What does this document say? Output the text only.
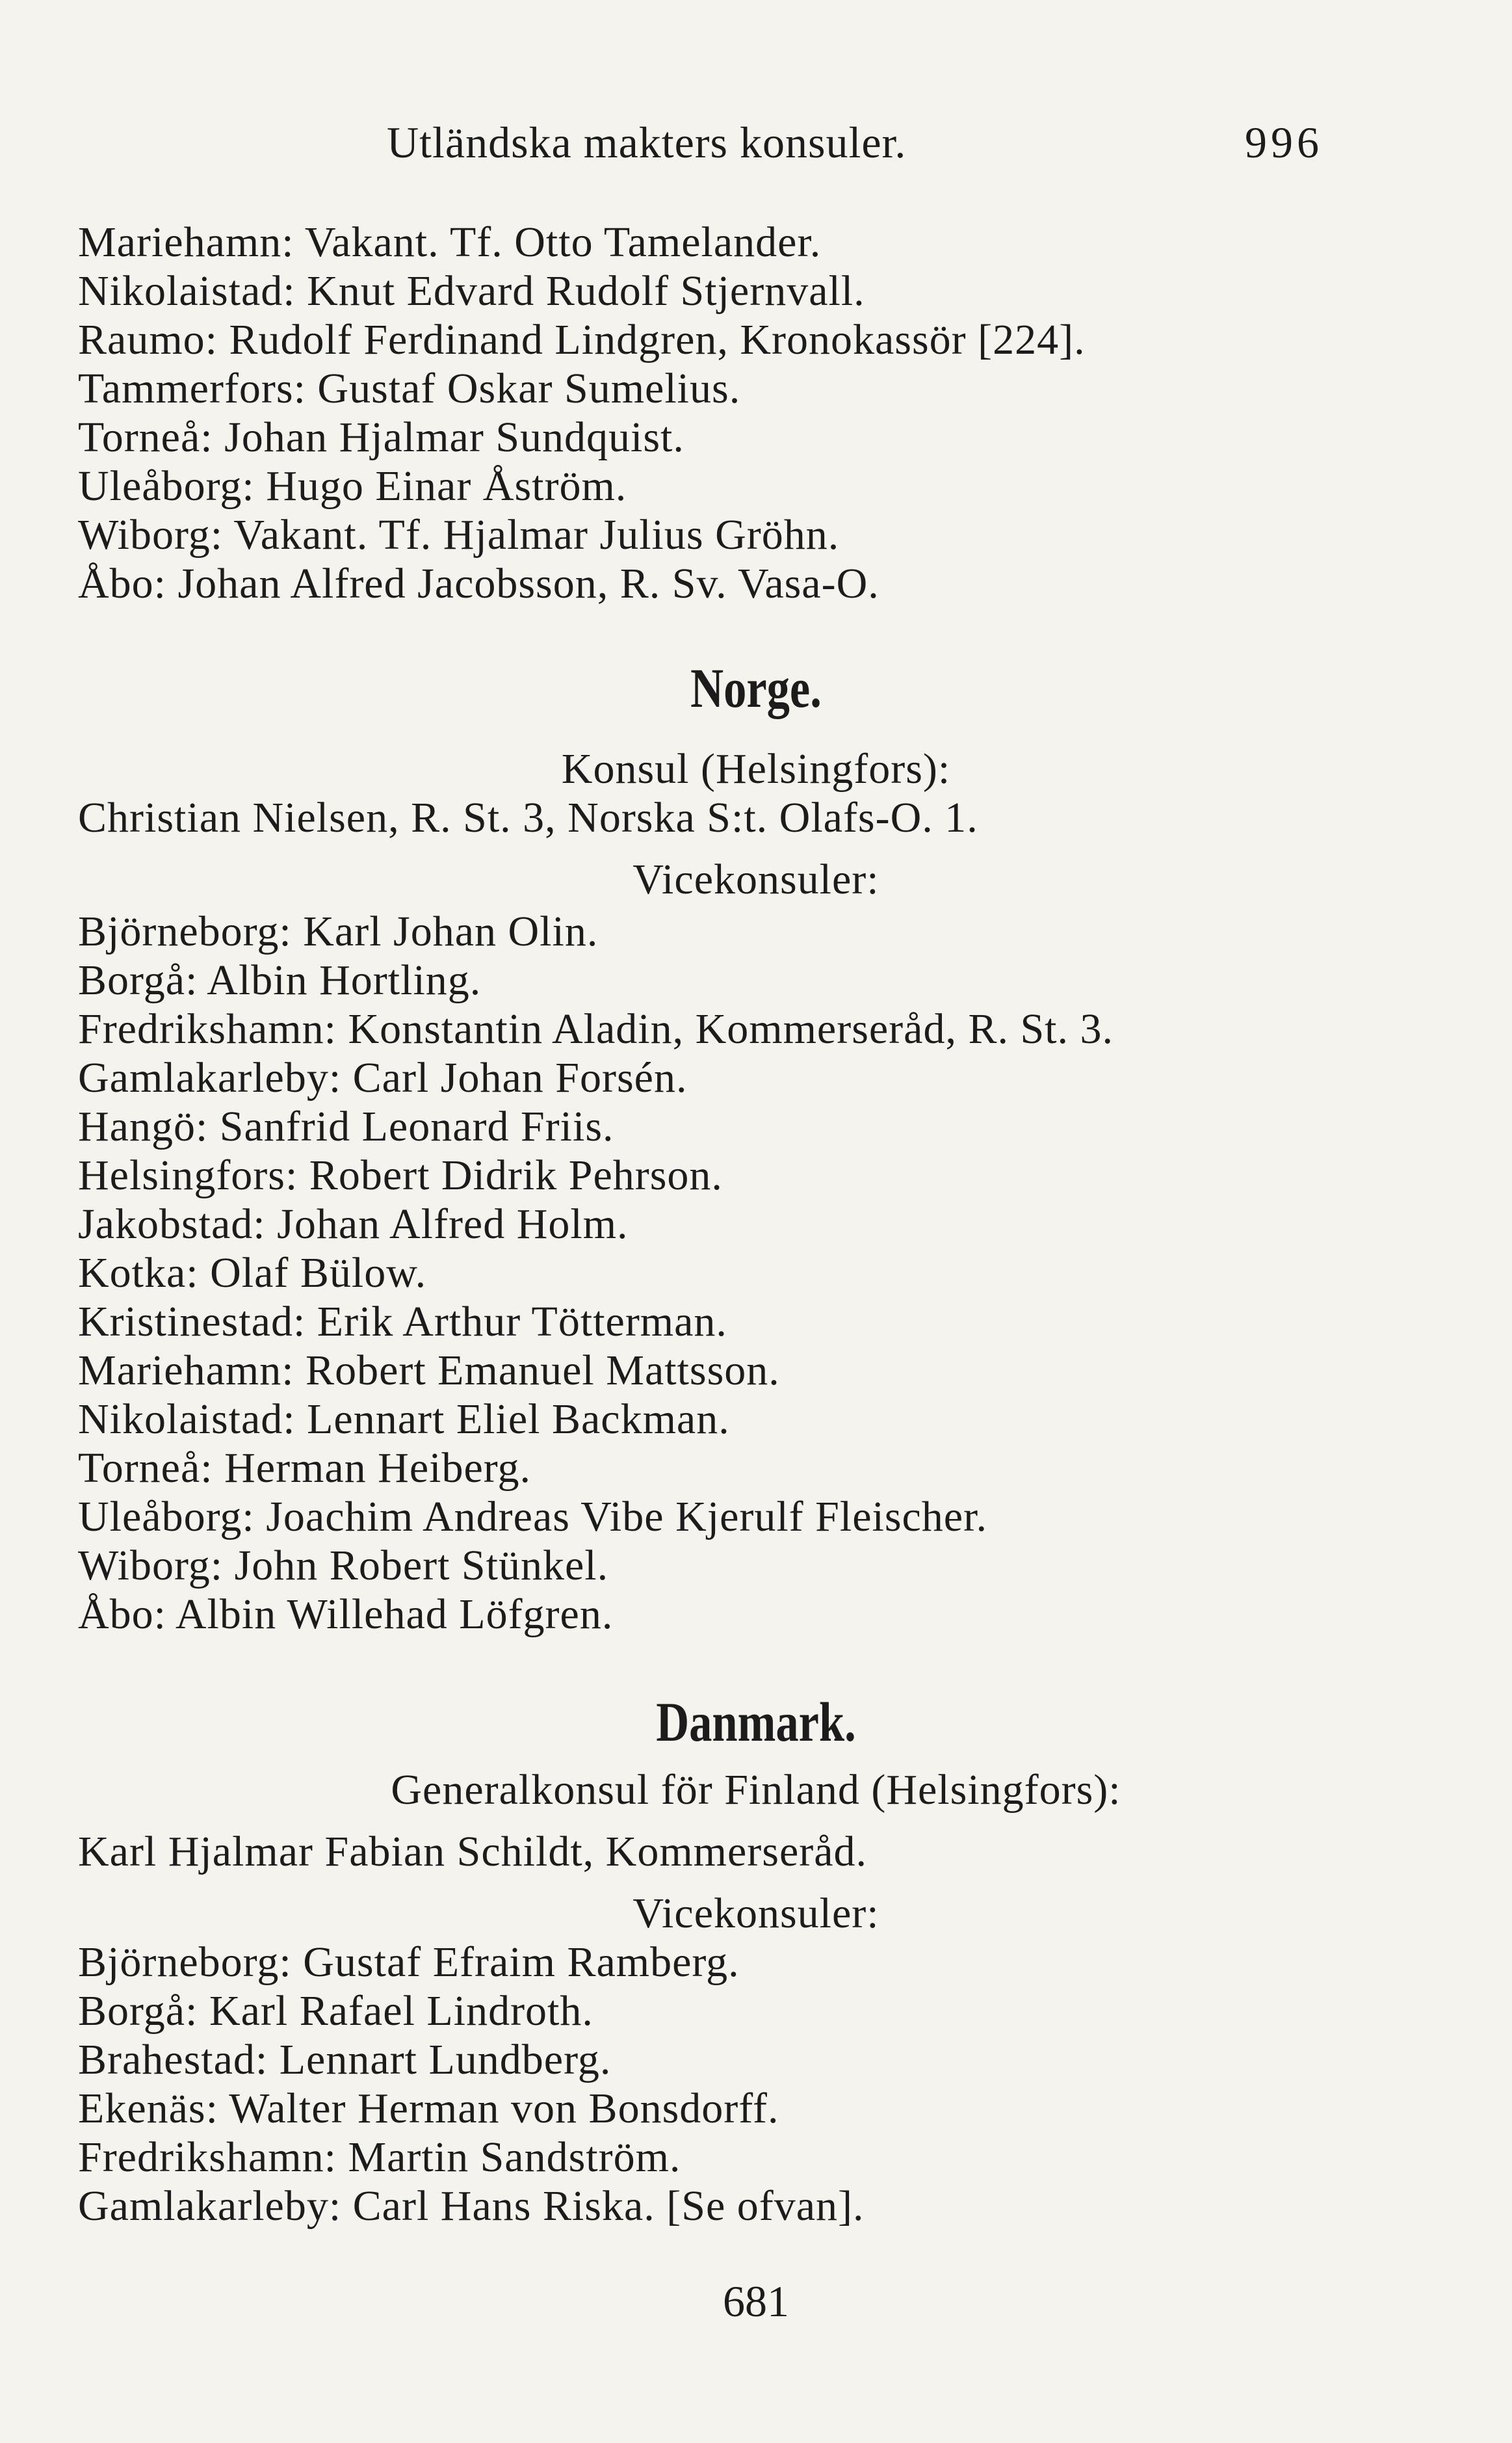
Utländska makters konsuler.	996
Mariehamn: Vakant. Tf. Otto Tamelander.
Nikolaistad: Knut Edvard Rudolf Stjernvall.
Raumo: Rudolf Ferdinand Lindgren, Kronokassör [224].
Tammerfors: Gustaf Oskar Sumelius.
Torneå: Johan Hjalmar Sundquist.
Uleåborg: Hugo Einar Åström.
Wiborg: Vakant. Tf. Hjalmar Julius Gröhn.
Åbo: Johan Alfred Jacobsson, R. Sv. Vasa-O.
Norge.
Konsul (Helsingfors):
Christian Nielsen, R. St. 3, Norska S:t. Olafs-O. 1.
Vicekonsuler:
Björneborg: Karl Johan Olin.
Borgå: Albin Hortling.
Fredrikshamn: Konstantin Aladin, Kommerseråd, R. St. 3.
Gamlakarleby: Carl Johan Forsén.
Hangö: Sanfrid Leonard Friis.
Helsingfors: Robert Didrik Pehrson.
Jakobstad: Johan Alfred Holm.
Kotka: Olaf Bülow.
Kristinestad: Erik Arthur Tötterman.
Mariehamn: Robert Emanuel Mattsson.
Nikolaistad: Lennart Eliel Backman.
Torneå: Herman Heiberg.
Uleåborg: Joachim Andreas Vibe Kjerulf Fleischer.
Wiborg: John Robert Stünkel.
Åbo: Albin Willehad Löfgren.
Danmark.
Generalkonsul för Finland (Helsingfors):
Karl Hjalmar Fabian Schildt, Kommerseråd.
Vicekonsuler:
Björneborg: Gustaf Efraim Ramberg.
Borgå: Karl Rafael Lindroth.
Brahestad: Lennart Lundberg.
Ekenäs: Walter Herman von Bonsdorff.
Fredrikshamn: Martin Sandström.
Gamlakarleby: Carl Hans Riska. [Se ofvan].
681
